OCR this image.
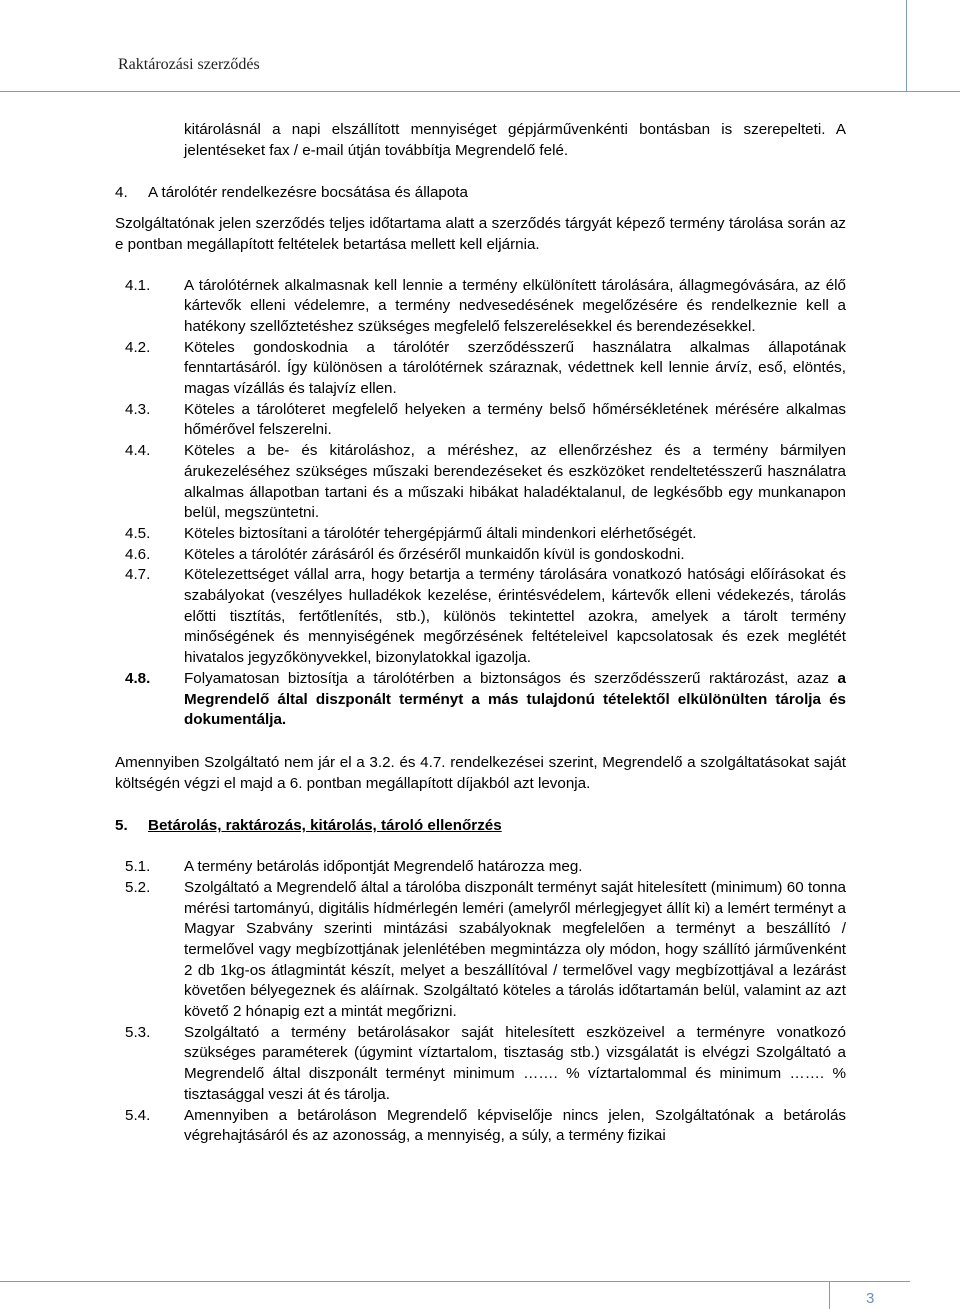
Raktározási szerződés

kitárolásnál a napi elszállított mennyiséget gépjárművenkénti bontásban is szerepelteti. A jelentéseket fax / e-mail útján továbbítja Megrendelő felé.

4.	A tárolótér rendelkezésre bocsátása és állapota

Szolgáltatónak jelen szerződés teljes időtartama alatt a szerződés tárgyát képező termény tárolása során az e pontban megállapított feltételek betartása mellett kell eljárnia.

4.1.	A tárolótérnek alkalmasnak kell lennie a termény elkülönített tárolására, állagmegóvására, az élő kártevők elleni védelemre, a termény nedvesedésének megelőzésére és rendelkeznie kell a hatékony szellőztetéshez szükséges megfelelő felszerelésekkel és berendezésekkel.
4.2.	Köteles gondoskodnia a tárolótér szerződésszerű használatra alkalmas állapotának fenntartásáról. Így különösen a tárolótérnek száraznak, védettnek kell lennie árvíz, eső, elöntés, magas vízállás és talajvíz ellen.
4.3.	Köteles a tárolóteret megfelelő helyeken a termény belső hőmérsékletének mérésére alkalmas hőmérővel felszerelni.
4.4.	Köteles a be- és kitároláshoz, a méréshez, az ellenőrzéshez és a termény bármilyen árukezeléséhez szükséges műszaki berendezéseket és eszközöket rendeltetésszerű használatra alkalmas állapotban tartani és a műszaki hibákat haladéktalanul, de legkésőbb egy munkanapon belül, megszüntetni.
4.5.	Köteles biztosítani a tárolótér tehergépjármű általi mindenkori elérhetőségét.
4.6.	Köteles a tárolótér zárásáról és őrzéséről munkaidőn kívül is gondoskodni.
4.7.	Kötelezettséget vállal arra, hogy betartja a termény tárolására vonatkozó hatósági előírásokat és szabályokat (veszélyes hulladékok kezelése, érintésvédelem, kártevők elleni védekezés, tárolás előtti tisztítás, fertőtlenítés, stb.), különös tekintettel azokra, amelyek a tárolt termény minőségének és mennyiségének megőrzésének feltételeivel kapcsolatosak és ezek meglétét hivatalos jegyzőkönyvekkel, bizonylatokkal igazolja.
4.8.	Folyamatosan biztosítja a tárolótérben a biztonságos és szerződésszerű raktározást, azaz a Megrendelő által diszponált terményt a más tulajdonú tételektől elkülönülten tárolja és dokumentálja.

Amennyiben Szolgáltató nem jár el a 3.2. és 4.7. rendelkezései szerint, Megrendelő a szolgáltatásokat saját költségén végzi el majd a 6. pontban megállapított díjakból azt levonja.

5.	Betárolás, raktározás, kitárolás, tároló ellenőrzés
5.1.	A termény betárolás időpontját Megrendelő határozza meg.
5.2.	Szolgáltató a Megrendelő által a tárolóba diszponált terményt saját hitelesített (minimum) 60 tonna mérési tartományú, digitális hídmérlegén leméri (amelyről mérlegjegyet állít ki) a lemért terményt a Magyar Szabvány szerinti mintázási szabályoknak megfelelően a terményt a beszállító / termelővel vagy megbízottjának jelenlétében megmintázza oly módon, hogy szállító járművenként 2 db 1kg-os átlagmintát készít, melyet a beszállítóval / termelővel vagy megbízottjával a lezárást követően bélyegeznek és aláírnak. Szolgáltató köteles a tárolás időtartamán belül, valamint az azt követő 2 hónapig ezt a mintát megőrizni.
5.3.	Szolgáltató a termény betárolásakor saját hitelesített eszközeivel a terményre vonatkozó szükséges paraméterek (úgymint víztartalom, tisztaság stb.) vizsgálatát is elvégzi Szolgáltató a Megrendelő által diszponált terményt minimum ……. % víztartalommal és minimum ……. % tisztasággal veszi át és tárolja.
5.4.	Amennyiben a betároláson Megrendelő képviselője nincs jelen, Szolgáltatónak a betárolás végrehajtásáról és az azonosság, a mennyiség, a súly, a termény fizikai
3
